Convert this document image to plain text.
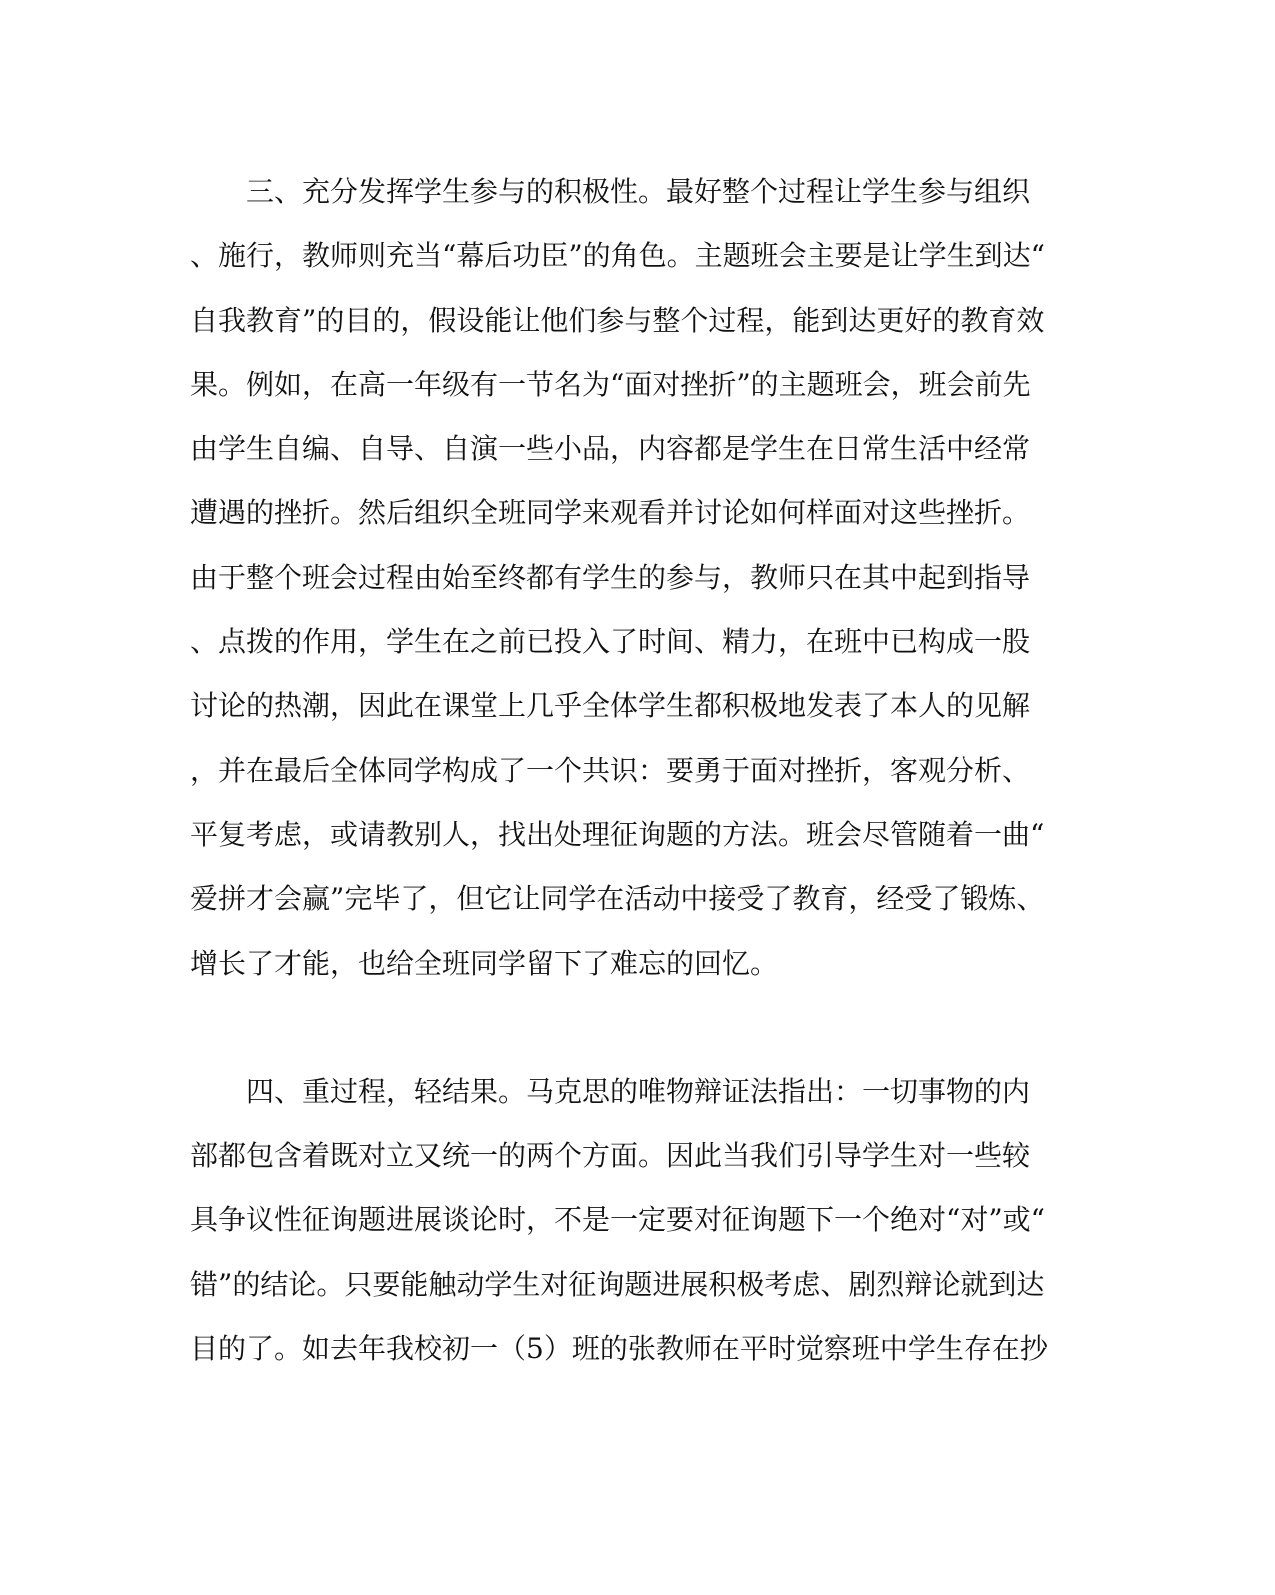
三、充分发挥学生参与的积极性。最好整个过程让学生参与组织
、施行，教师则充当“幕后功臣”的角色。主题班会主要是让学生到达“
自我教育”的目的，假设能让他们参与整个过程，能到达更好的教育效
果。例如，在高一年级有一节名为“面对挫折”的主题班会，班会前先
由学生自编、自导、自演一些小品，内容都是学生在日常生活中经常
遭遇的挫折。然后组织全班同学来观看并讨论如何样面对这些挫折。
由于整个班会过程由始至终都有学生的参与，教师只在其中起到指导
、点拨的作用，学生在之前已投入了时间、精力，在班中已构成一股
讨论的热潮，因此在课堂上几乎全体学生都积极地发表了本人的见解
，并在最后全体同学构成了一个共识：要勇于面对挫折，客观分析、
平复考虑，或请教别人，找出处理征询题的方法。班会尽管随着一曲“
爱拼才会赢”完毕了，但它让同学在活动中接受了教育，经受了锻炼、
增长了才能，也给全班同学留下了难忘的回忆。
四、重过程，轻结果。马克思的唯物辩证法指出：一切事物的内
部都包含着既对立又统一的两个方面。因此当我们引导学生对一些较
具争议性征询题进展谈论时，不是一定要对征询题下一个绝对“对”或“
错”的结论。只要能触动学生对征询题进展积极考虑、剧烈辩论就到达
目的了。如去年我校初一（5）班的张教师在平时觉察班中学生存在抄
